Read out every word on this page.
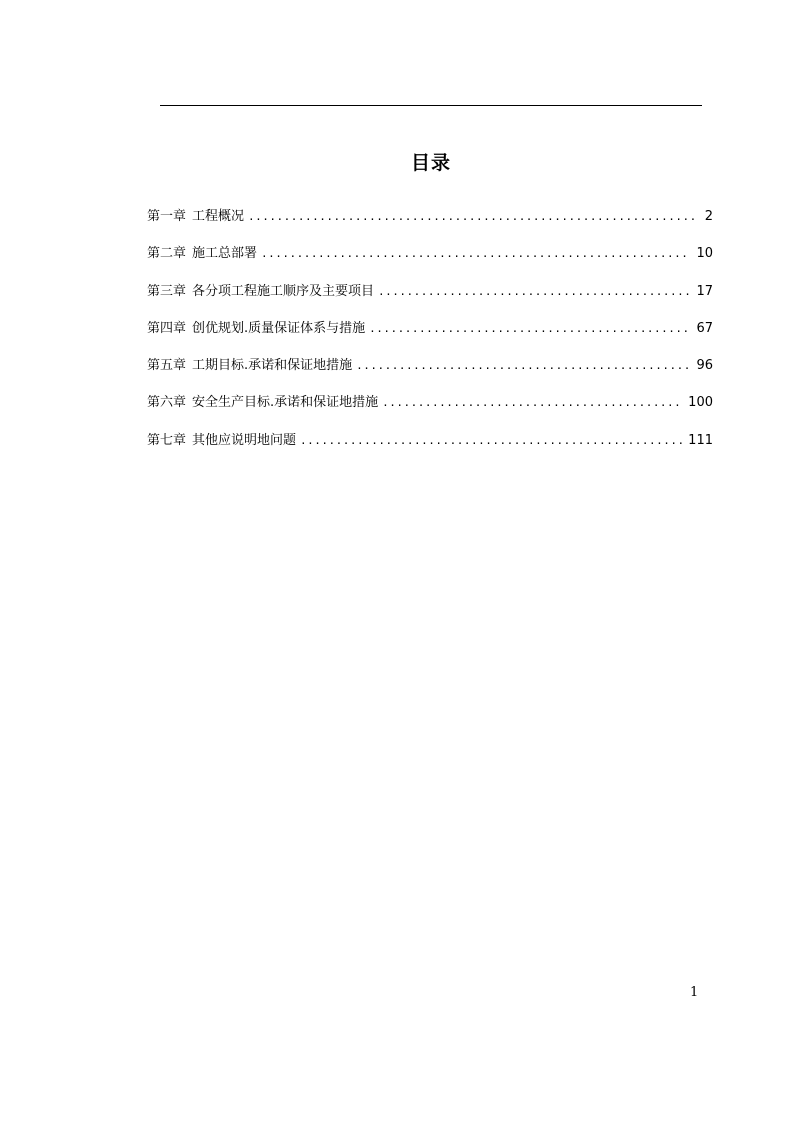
目录
第一章 工程概况 ............................................................... 2
第二章 施工总部署 ............................................................ 10
第三章 各分项工程施工顺序及主要项目 ............................................ 17
第四章 创优规划.质量保证体系与措施 ............................................. 67
第五章 工期目标.承诺和保证地措施 ............................................... 96
第六章 安全生产目标.承诺和保证地措施 .......................................... 100
第七章 其他应说明地问题 ...................................................... 111
1
